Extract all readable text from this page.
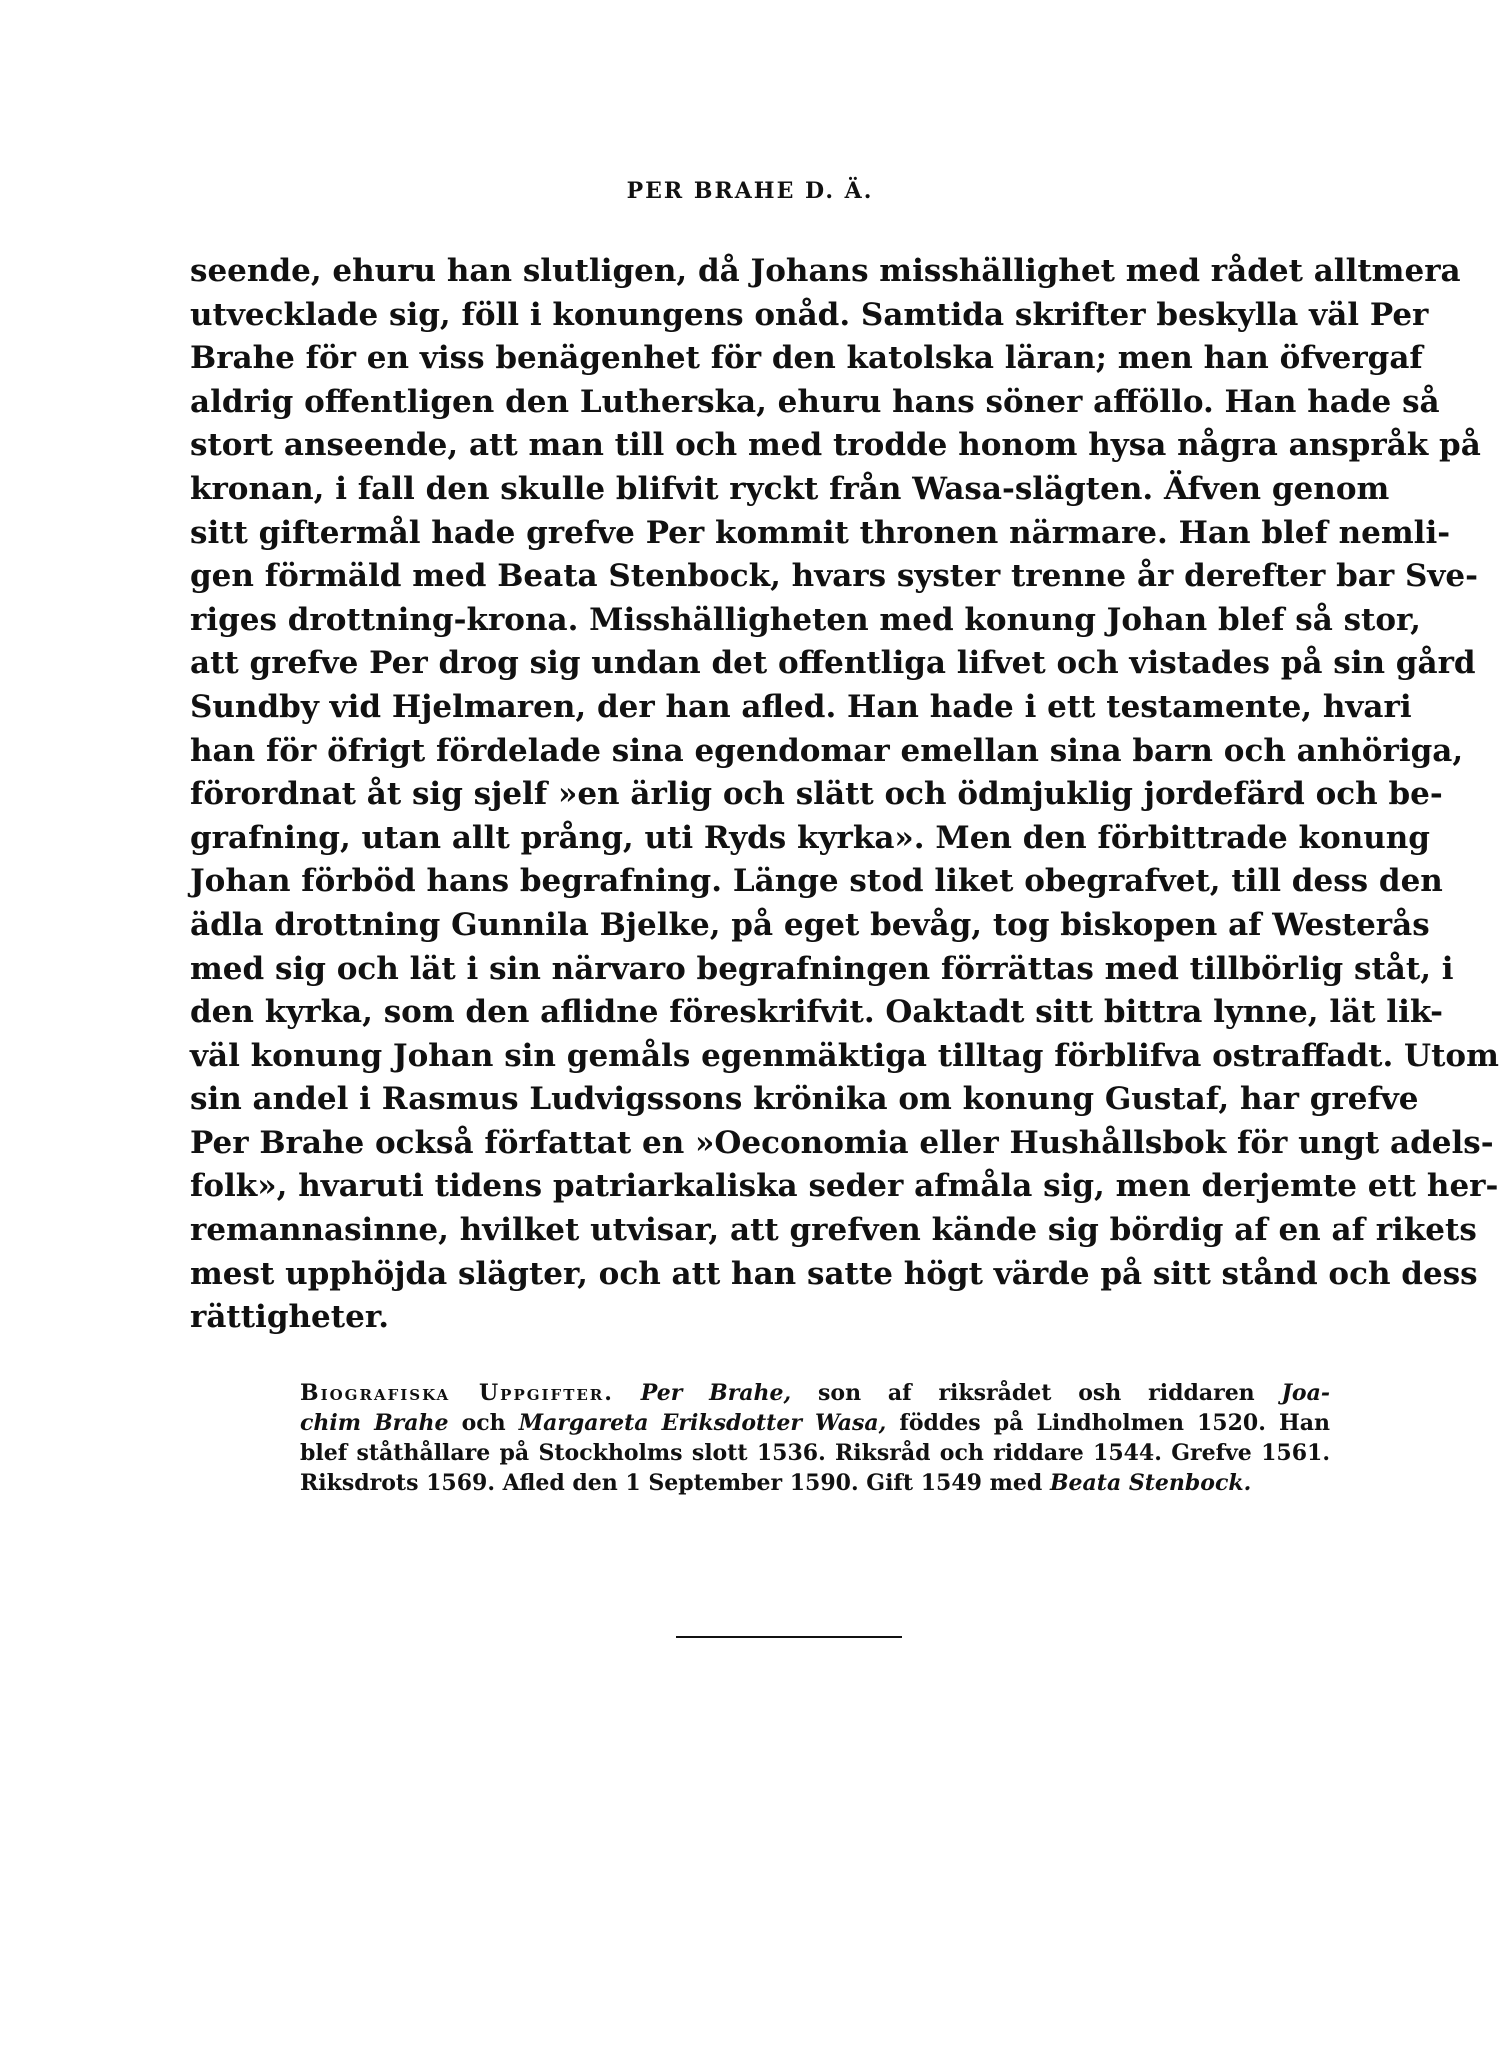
PER BRAHE D. Ä.
seende, ehuru han slutligen, då Johans misshällighet med rådet alltmera
utvecklade sig, föll i konungens onåd. Samtida skrifter beskylla väl Per
Brahe för en viss benägenhet för den katolska läran; men han öfvergaf
aldrig offentligen den Lutherska, ehuru hans söner afföllo. Han hade så
stort anseende, att man till och med trodde honom hysa några anspråk på
kronan, i fall den skulle blifvit ryckt från Wasa-slägten. Äfven genom
sitt giftermål hade grefve Per kommit thronen närmare. Han blef nemli-
gen förmäld med Beata Stenbock, hvars syster trenne år derefter bar Sve-
riges drottning-krona. Misshälligheten med konung Johan blef så stor,
att grefve Per drog sig undan det offentliga lifvet och vistades på sin gård
Sundby vid Hjelmaren, der han afled. Han hade i ett testamente, hvari
han för öfrigt fördelade sina egendomar emellan sina barn och anhöriga,
förordnat åt sig sjelf »en ärlig och slätt och ödmjuklig jordefärd och be-
grafning, utan allt prång, uti Ryds kyrka». Men den förbittrade konung
Johan förböd hans begrafning. Länge stod liket obegrafvet, till dess den
ädla drottning Gunnila Bjelke, på eget bevåg, tog biskopen af Westerås
med sig och lät i sin närvaro begrafningen förrättas med tillbörlig ståt, i
den kyrka, som den aflidne föreskrifvit. Oaktadt sitt bittra lynne, lät lik-
väl konung Johan sin gemåls egenmäktiga tilltag förblifva ostraffadt. Utom
sin andel i Rasmus Ludvigssons krönika om konung Gustaf, har grefve
Per Brahe också författat en »Oeconomia eller Hushållsbok för ungt adels-
folk», hvaruti tidens patriarkaliska seder afmåla sig, men derjemte ett her-
remannasinne, hvilket utvisar, att grefven kände sig bördig af en af rikets
mest upphöjda slägter, och att han satte högt värde på sitt stånd och dess
rättigheter.
Biografiska Uppgifter. Per Brahe, son af riksrådet osh riddaren Joa-
chim Brahe och Margareta Eriksdotter Wasa, föddes på Lindholmen 1520. Han
blef ståthållare på Stockholms slott 1536. Riksråd och riddare 1544. Grefve 1561.
Riksdrots 1569. Afled den 1 September 1590. Gift 1549 med Beata Stenbock.
